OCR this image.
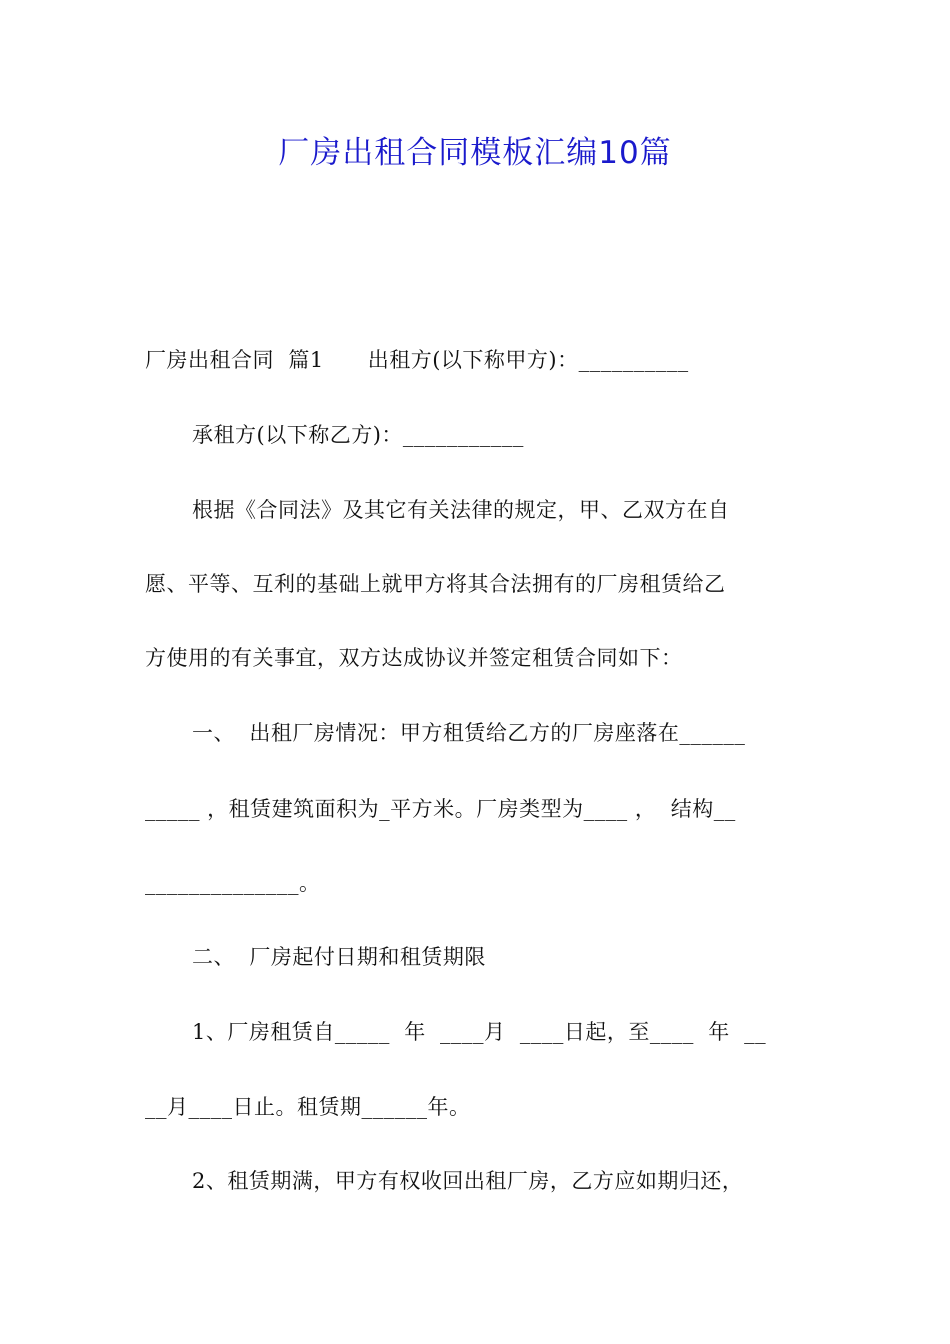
厂房出租合同模板汇编10篇
厂房出租合同  篇1 出租方(以下称甲方)：__________
承租方(以下称乙方)：___________
根据《合同法》及其它有关法律的规定，甲、乙双方在自
愿、平等、互利的基础上就甲方将其合法拥有的厂房租赁给乙
方使用的有关事宜，双方达成协议并签定租赁合同如下：
一、  出租厂房情况：甲方租赁给乙方的厂房座落在______
_____ ，租赁建筑面积为_平方米。厂房类型为____ ，  结构__
______________。
二、  厂房起付日期和租赁期限
1、厂房租赁自_____  年  ____月  ____日起，至____  年  __
__月____日止。租赁期______年。
2、租赁期满，甲方有权收回出租厂房，乙方应如期归还，
